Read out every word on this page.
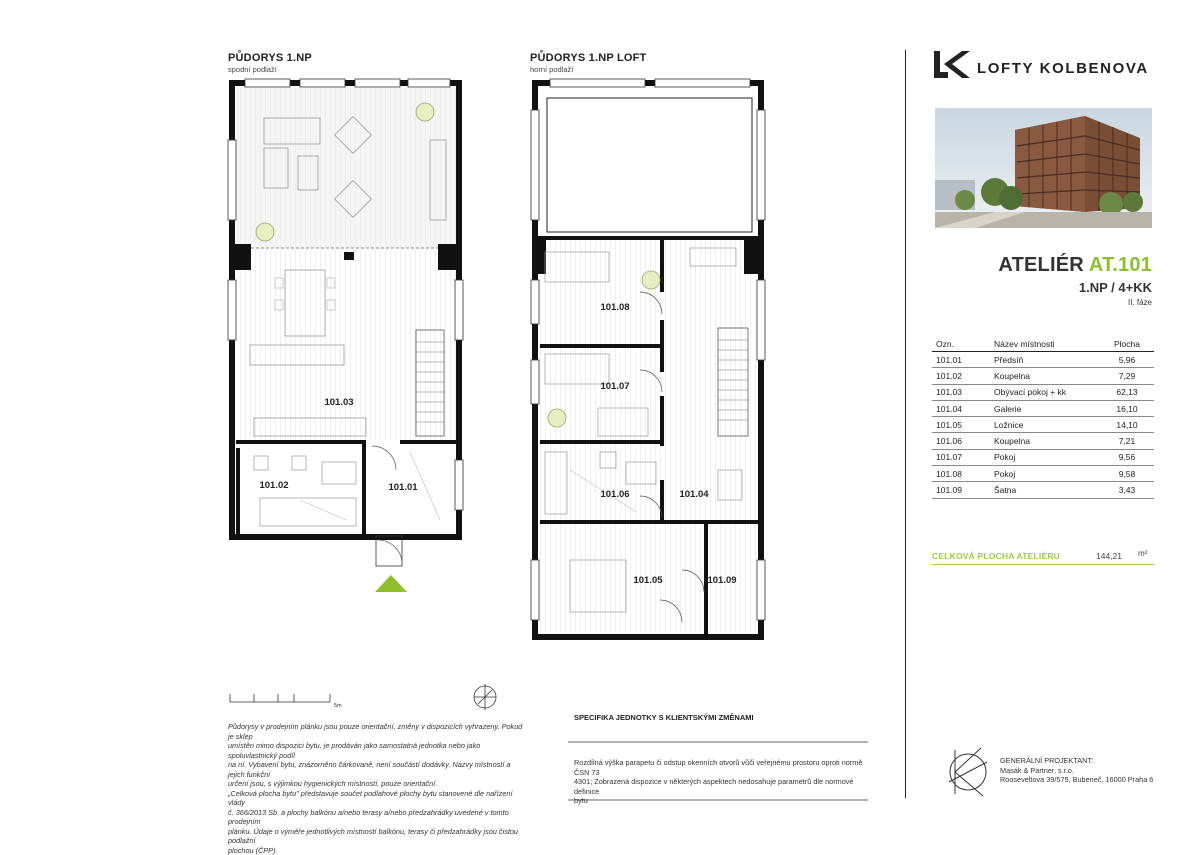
PŮDORYS 1.NP
spodní podlaží
PŮDORYS 1.NP LOFT
horní podlaží
101.03
101.02	101.01
101.08
101.07
101.06	101.04
101.05	101.09
5m
LOFTY KOLBENOVA
ATELIÉR AT.101
1.NP / 4+KK
II. fáze
Ozn.	Název místnosti	Plocha
101.01	Předsíň	5,96
101.02	Koupelna	7,29
101.03	Obývací pokoj + kk	62,13
101.04	Galerie	16,10
101.05	Ložnice	14,10
101.06	Koupelna	7,21
101.07	Pokoj	9,56
101.08	Pokoj	9,58
101.09	Šatna	3,43
CELKOVÁ PLOCHA ATELIÉRU	144,21 m²
Půdorysy v prodejním plánku jsou pouze orientační, změny v dispozicích vyhrazeny. Pokud je sklep
umístěn mimo dispozici bytu, je prodáván jako samostatná jednotka nebo jako spoluvlastnický podíl
na ní. Vybavení bytu, znázorněno čárkovaně, není součástí dodávky. Názvy místností a jejich funkční
určení jsou, s výjimkou hygienických místností, pouze orientační.
„Celková plocha bytu" představuje součet podlahové plochy bytu stanovené dle nařízení vlády
č. 366/2013 Sb. a plochy balkónu a/nebo terasy a/nebo předzahrádky uvedené v tomto prodejním
plánku. Údaje o výměře jednotlivých místností balkónu, terasy či předzahrádky jsou čistou podlažní
plochou (ČPP).
SPECIFIKA JEDNOTKY S KLIENTSKÝMI ZMĚNAMI
Rozdílná výška parapetu či odstup okenních otvorů vůči veřejnému prostoru oproti normě ČSN 73
4301; Zobrazená dispozice v některých aspektech nedosahuje parametrů dle normové definice
bytu
GENERÁLNÍ PROJEKTANT:
Masák & Partner, s.r.o.
Rooseveltova 39/575, Bubeneč, 16000 Praha 6
